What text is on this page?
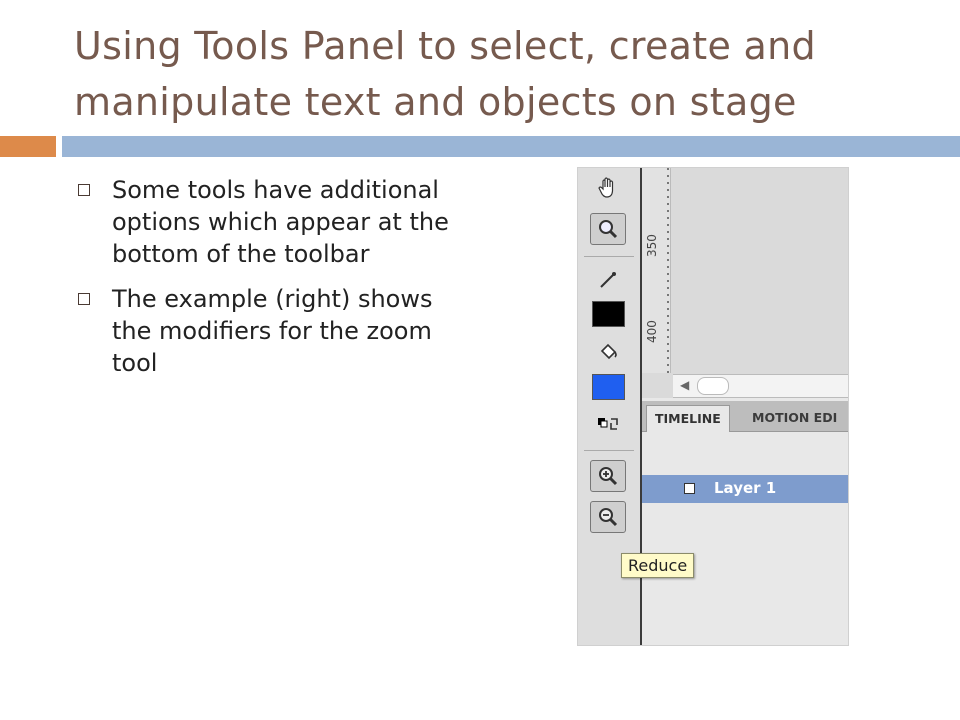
Using Tools Panel to select, create and manipulate text and objects on stage
Some tools have additional options which appear at the bottom of the toolbar
The example (right) shows the modifiers for the zoom tool
350
400
◀
TIMELINE	MOTION EDI
Layer 1
Reduce
